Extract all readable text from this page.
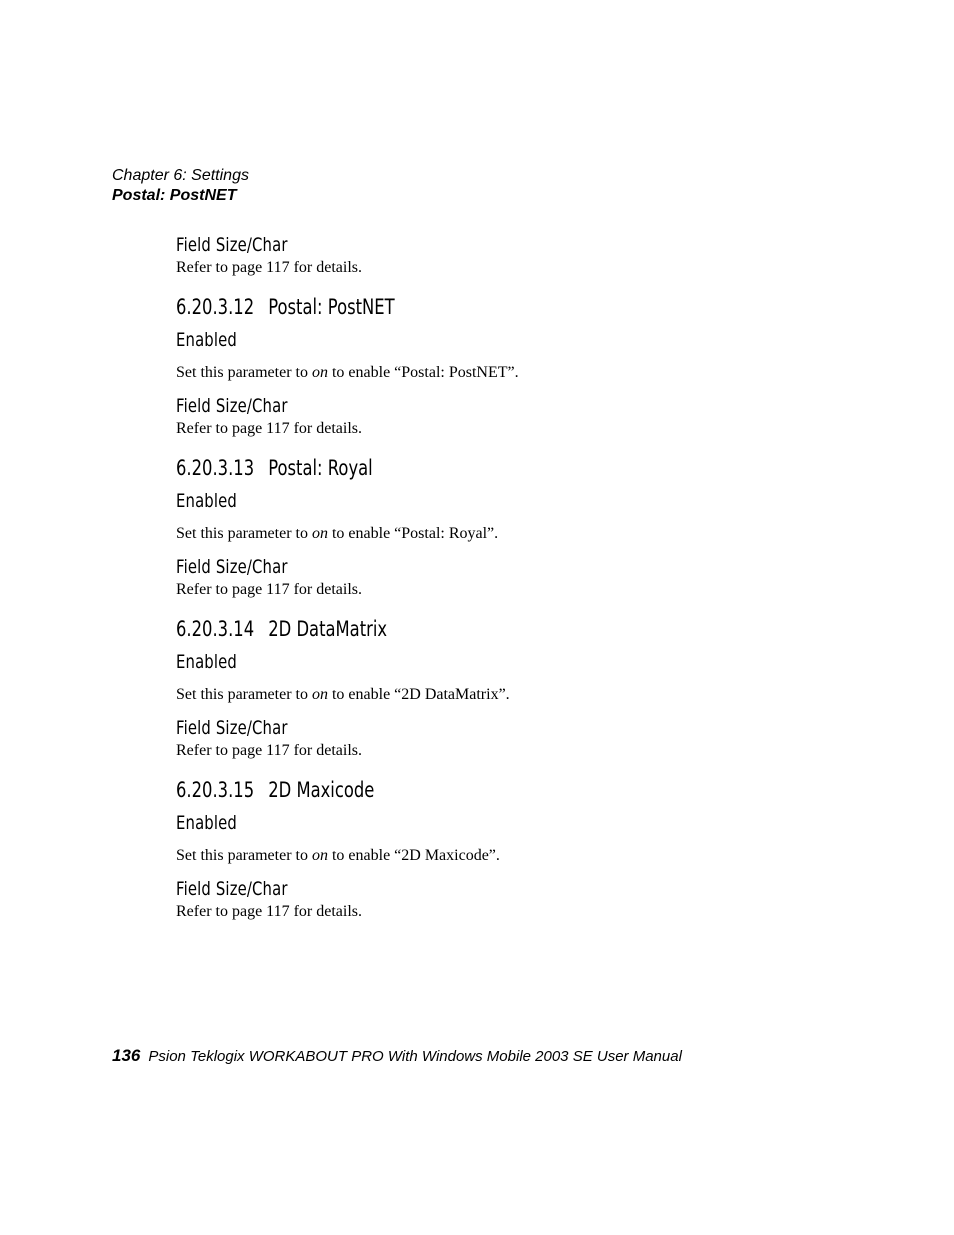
Chapter 6: Settings
Postal: PostNET
Field Size/Char

Refer to page 117 for details.

6.20.3.12 Postal: PostNET
Enabled

Set this parameter to on to enable “Postal: PostNET”.

Field Size/Char

Refer to page 117 for details.

6.20.3.13 Postal: Royal
Enabled

Set this parameter to on to enable “Postal: Royal”.

Field Size/Char

Refer to page 117 for details.

6.20.3.14 2D DataMatrix
Enabled

Set this parameter to on to enable “2D DataMatrix”.

Field Size/Char

Refer to page 117 for details.

6.20.3.15 2D Maxicode
Enabled

Set this parameter to on to enable “2D Maxicode”.

Field Size/Char

Refer to page 117 for details.

136 Psion Teklogix WORKABOUT PRO With Windows Mobile 2003 SE User Manual
